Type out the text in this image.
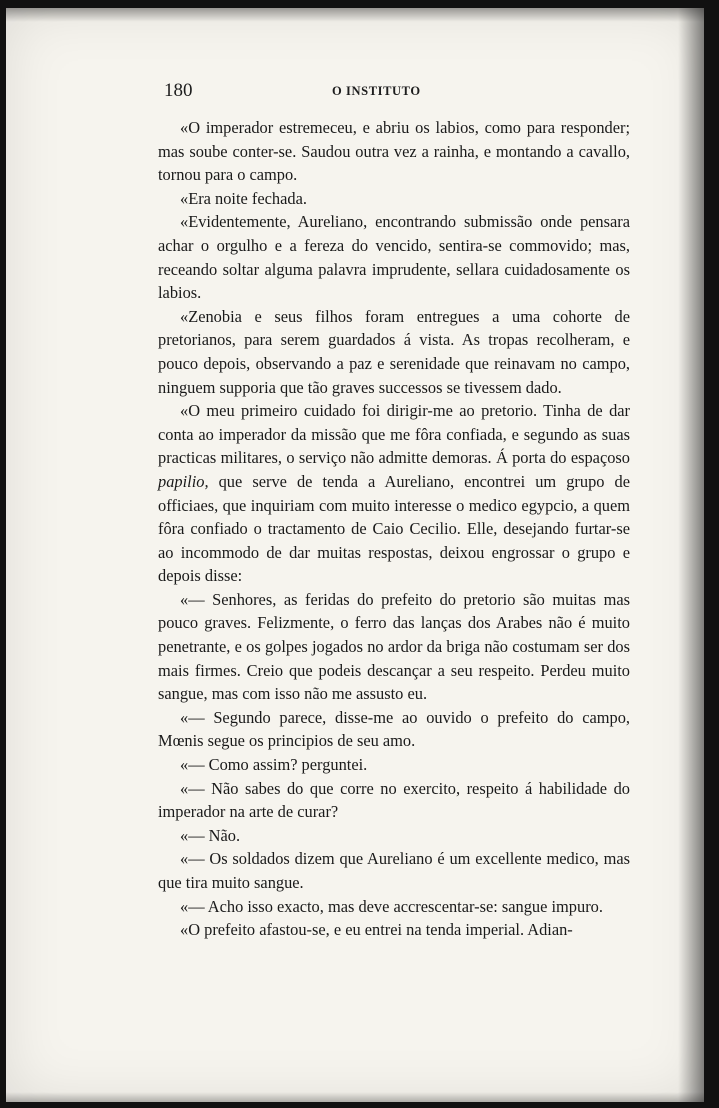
180	O INSTITUTO

«O imperador estremeceu, e abriu os labios, como para responder; mas soube conter-se. Saudou outra vez a rainha, e montando a cavallo, tornou para o campo.

«Era noite fechada.

«Evidentemente, Aureliano, encontrando submissão onde pensara achar o orgulho e a fereza do vencido, sentira-se commovido; mas, receando soltar alguma palavra imprudente, sellara cuidadosamente os labios.

«Zenobia e seus filhos foram entregues a uma cohorte de pretorianos, para serem guardados á vista. As tropas recolheram, e pouco depois, observando a paz e serenidade que reinavam no campo, ninguem supporia que tão graves successos se tivessem dado.

«O meu primeiro cuidado foi dirigir-me ao pretorio. Tinha de dar conta ao imperador da missão que me fôra confiada, e segundo as suas practicas militares, o serviço não admitte demoras. Á porta do espaçoso papilio, que serve de tenda a Aureliano, encontrei um grupo de officiaes, que inquiriam com muito interesse o medico egypcio, a quem fôra confiado o tractamento de Caio Cecilio. Elle, desejando furtar-se ao incommodo de dar muitas respostas, deixou engrossar o grupo e depois disse:

«— Senhores, as feridas do prefeito do pretorio são muitas mas pouco graves. Felizmente, o ferro das lanças dos Arabes não é muito penetrante, e os golpes jogados no ardor da briga não costumam ser dos mais firmes. Creio que podeis descançar a seu respeito. Perdeu muito sangue, mas com isso não me assusto eu.

«— Segundo parece, disse-me ao ouvido o prefeito do campo, Mœnis segue os principios de seu amo.

«— Como assim? perguntei.

«— Não sabes do que corre no exercito, respeito á habilidade do imperador na arte de curar?

«— Não.

«— Os soldados dizem que Aureliano é um excellente medico, mas que tira muito sangue.

«— Acho isso exacto, mas deve accrescentar-se: sangue impuro.

«O prefeito afastou-se, e eu entrei na tenda imperial. Adian-
